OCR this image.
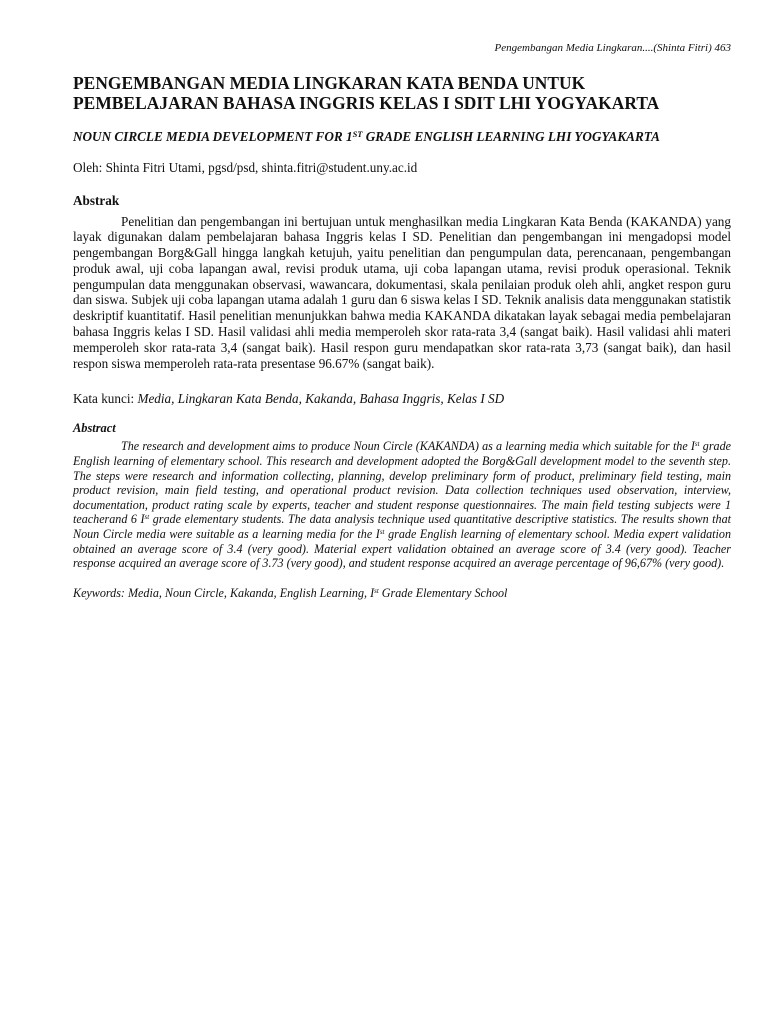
Pengembangan Media Lingkaran....(Shinta Fitri) 463
PENGEMBANGAN MEDIA LINGKARAN KATA BENDA UNTUK
PEMBELAJARAN BAHASA INGGRIS KELAS I SDIT LHI YOGYAKARTA
NOUN CIRCLE MEDIA DEVELOPMENT FOR 1ST GRADE ENGLISH LEARNING LHI YOGYAKARTA
Oleh: Shinta Fitri Utami, pgsd/psd, shinta.fitri@student.uny.ac.id
Abstrak

Penelitian dan pengembangan ini bertujuan untuk menghasilkan media Lingkaran Kata Benda (KAKANDA) yang layak digunakan dalam pembelajaran bahasa Inggris kelas I SD. Penelitian dan pengembangan ini mengadopsi model pengembangan Borg&Gall hingga langkah ketujuh, yaitu penelitian dan pengumpulan data, perencanaan, pengembangan produk awal, uji coba lapangan awal, revisi produk utama, uji coba lapangan utama, revisi produk operasional. Teknik pengumpulan data menggunakan observasi, wawancara, dokumentasi, skala penilaian produk oleh ahli, angket respon guru dan siswa. Subjek uji coba lapangan utama adalah 1 guru dan 6 siswa kelas I SD. Teknik analisis data menggunakan statistik deskriptif kuantitatif. Hasil penelitian menunjukkan bahwa media KAKANDA dikatakan layak sebagai media pembelajaran bahasa Inggris kelas I SD. Hasil validasi ahli media memperoleh skor rata-rata 3,4 (sangat baik). Hasil validasi ahli materi memperoleh skor rata-rata 3,4 (sangat baik). Hasil respon guru mendapatkan skor rata-rata 3,73 (sangat baik), dan hasil respon siswa memperoleh rata-rata presentase 96.67% (sangat baik).

Kata kunci: Media, Lingkaran Kata Benda, Kakanda, Bahasa Inggris, Kelas I SD
Abstract

The research and development aims to produce Noun Circle (KAKANDA) as a learning media which suitable for the Ist grade English learning of elementary school. This research and development adopted the Borg&Gall development model to the seventh step. The steps were research and information collecting, planning, develop preliminary form of product, preliminary field testing, main product revision, main field testing, and operational product revision. Data collection techniques used observation, interview, documentation, product rating scale by experts, teacher and student response questionnaires. The main field testing subjects were 1 teacherand 6 Ist grade elementary students. The data analysis technique used quantitative descriptive statistics. The results shown that Noun Circle media were suitable as a learning media for the Ist grade English learning of elementary school. Media expert validation obtained an average score of 3.4 (very good). Material expert validation obtained an average score of 3.4 (very good). Teacher response acquired an average score of 3.73 (very good), and student response acquired an average percentage of 96,67% (very good).

Keywords: Media, Noun Circle, Kakanda, English Learning, Ist Grade Elementary School
